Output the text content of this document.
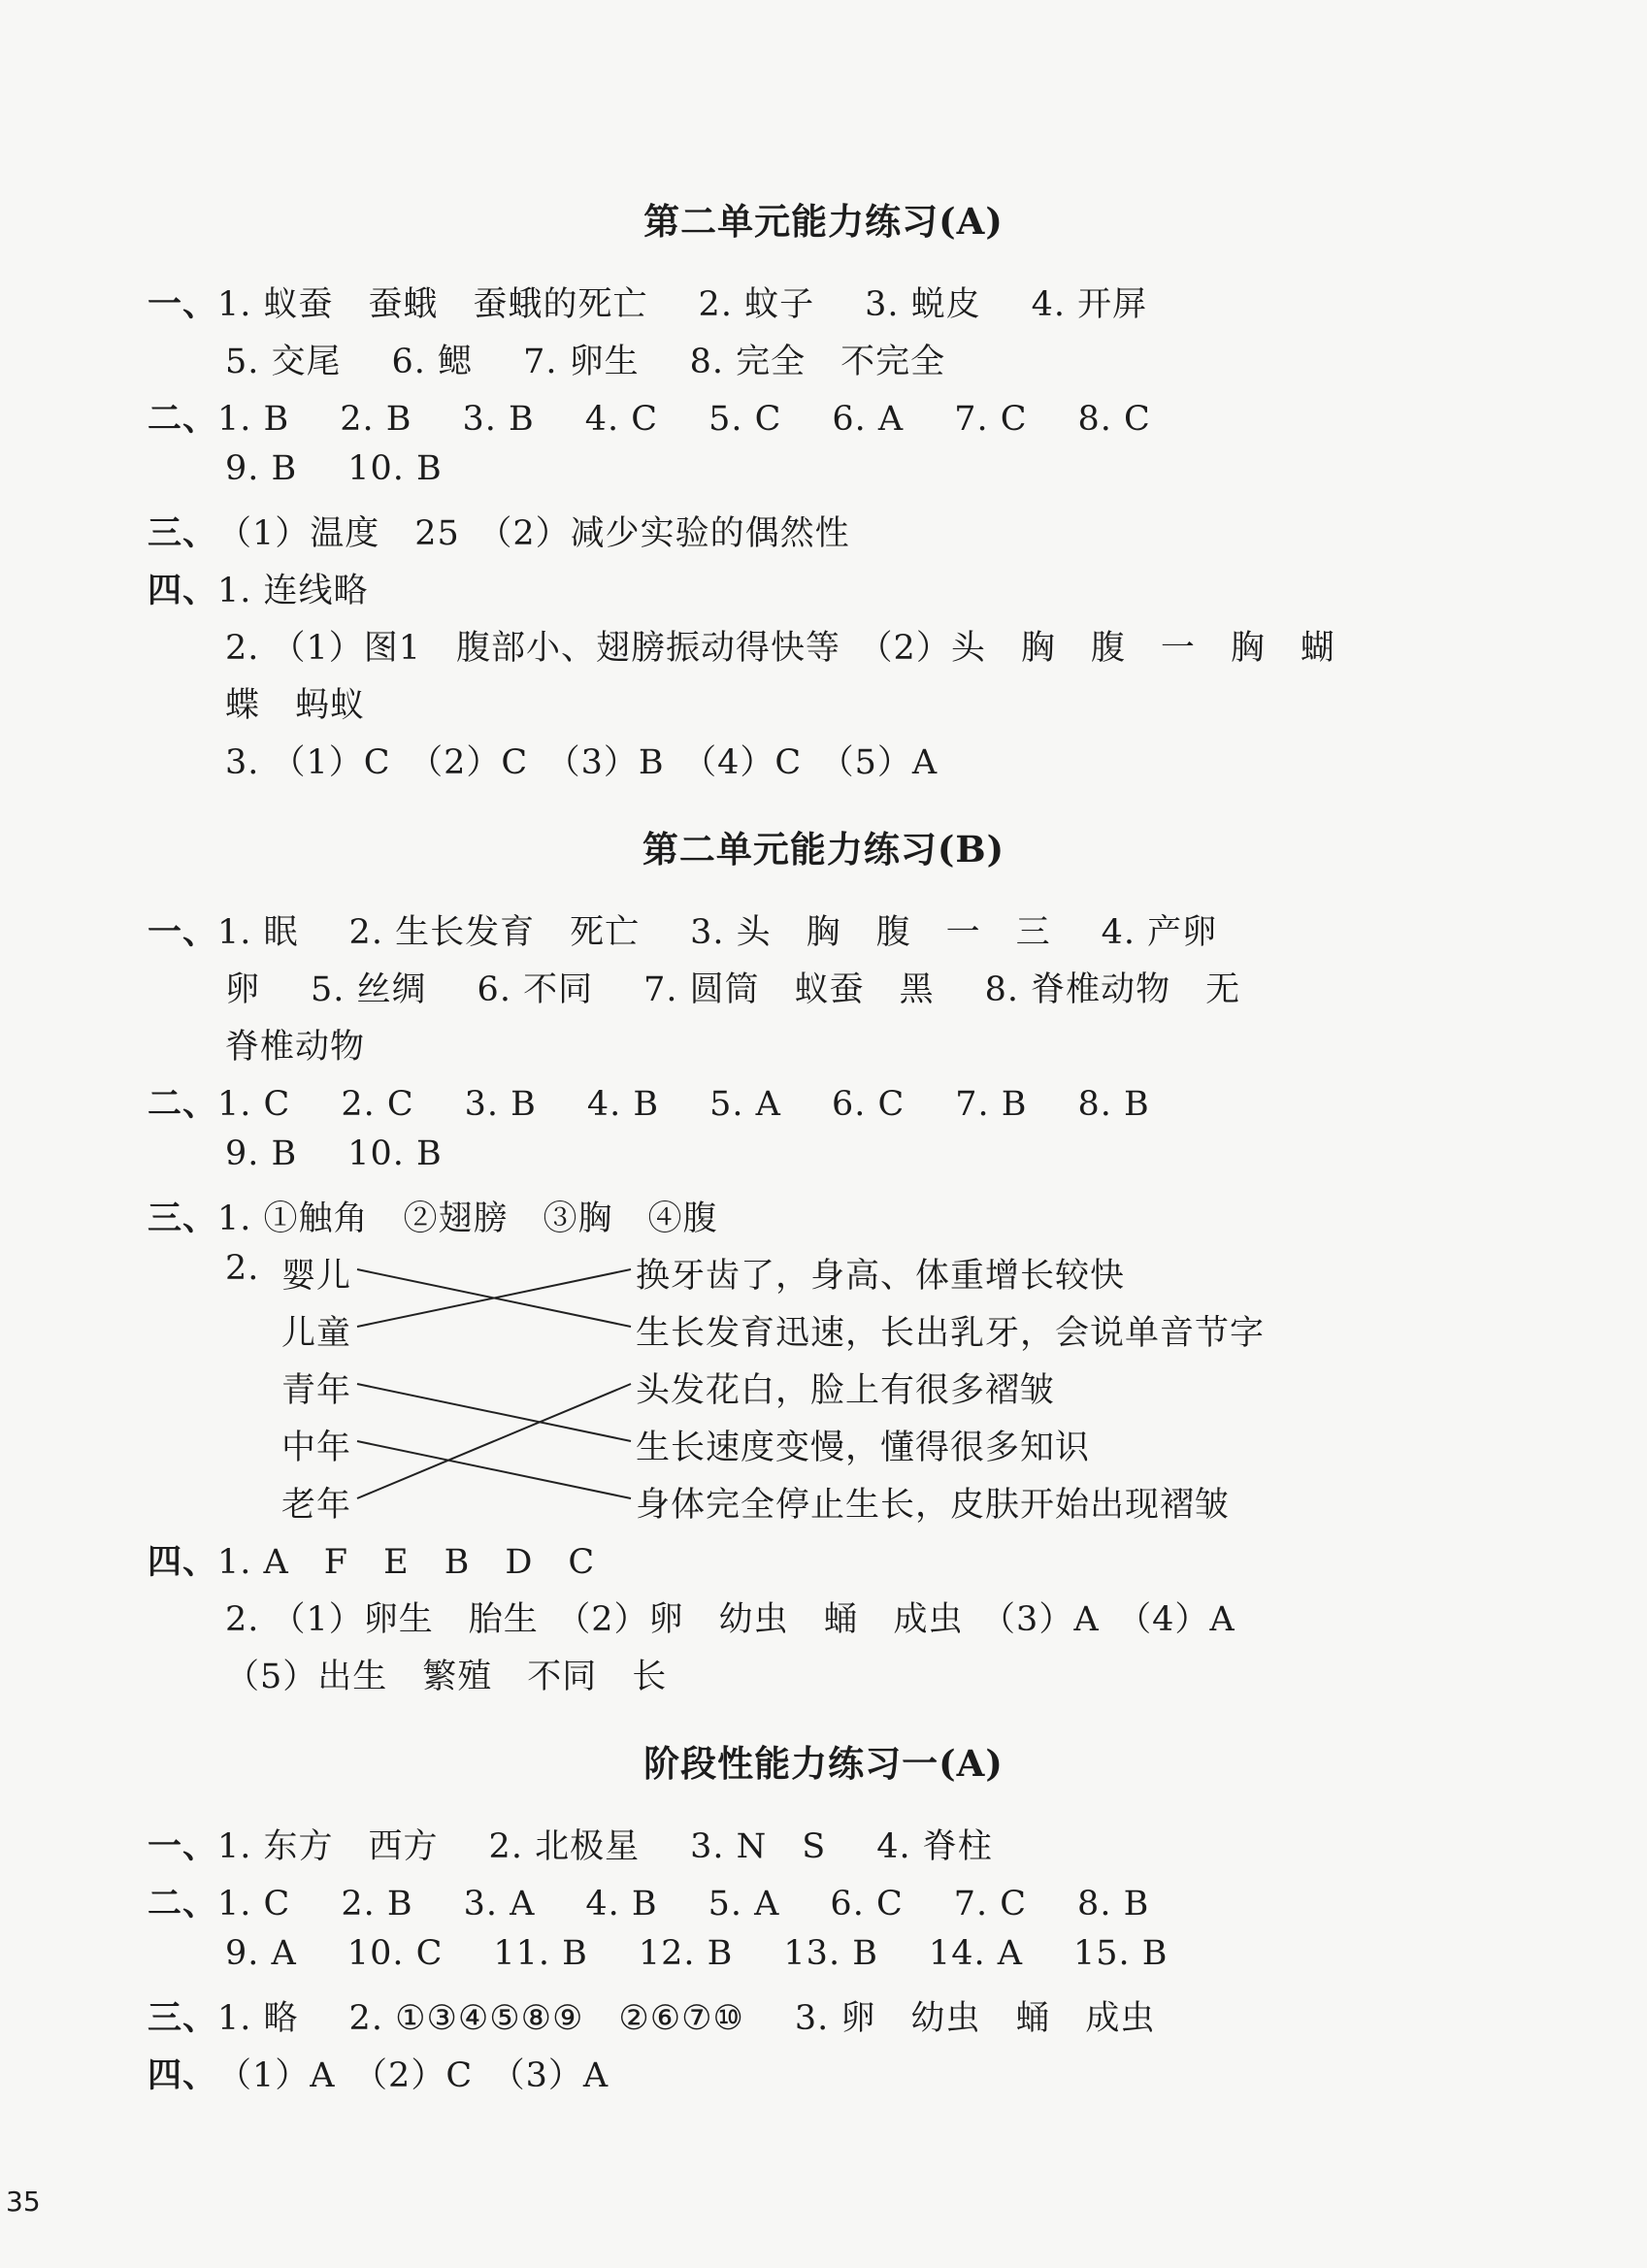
第二单元能力练习(A)
一、1. 蚁蚕　蚕蛾　蚕蛾的死亡 2. 蚊子 3. 蜕皮 4. 开屏
5. 交尾 6. 鳃 7. 卵生 8. 完全　不完全
二、1. B 2. B 3. B 4. C 5. C 6. A 7. C 8. C
9. B 10. B
三、（1）温度　25　（2）减少实验的偶然性
四、1. 连线略
2. （1）图1　腹部小、翅膀振动得快等　（2）头　胸　腹　一　胸　蝴
蝶　蚂蚁
3. （1）C　（2）C　（3）B　（4）C　（5）A
第二单元能力练习(B)
一、1. 眠 2. 生长发育　死亡 3. 头　胸　腹　一　三 4. 产卵
卵 5. 丝绸 6. 不同 7. 圆筒　蚁蚕　黑 8. 脊椎动物　无
脊椎动物
二、1. C 2. C 3. B 4. B 5. A 6. C 7. B 8. B
9. B 10. B
三、1. ①触角　②翅膀　③胸　④腹
2. 婴儿
儿童
青年
中年
老年
换牙齿了，身高、体重增长较快
生长发育迅速，长出乳牙，会说单音节字
头发花白，脸上有很多褶皱
生长速度变慢，懂得很多知识
身体完全停止生长，皮肤开始出现褶皱
四、1. A　F　E　B　D　C
2. （1）卵生　胎生　（2）卵　幼虫　蛹　成虫　（3）A　（4）A
（5）出生　繁殖　不同　长
阶段性能力练习一(A)
一、1. 东方　西方 2. 北极星 3. N　S 4. 脊柱
二、1. C 2. B 3. A 4. B 5. A 6. C 7. C 8. B
9. A 10. C 11. B 12. B 13. B 14. A 15. B
三、1. 略 2. ①③④⑤⑧⑨　②⑥⑦⑩ 3. 卵　幼虫　蛹　成虫
四、（1）A　（2）C　（3）A
35
